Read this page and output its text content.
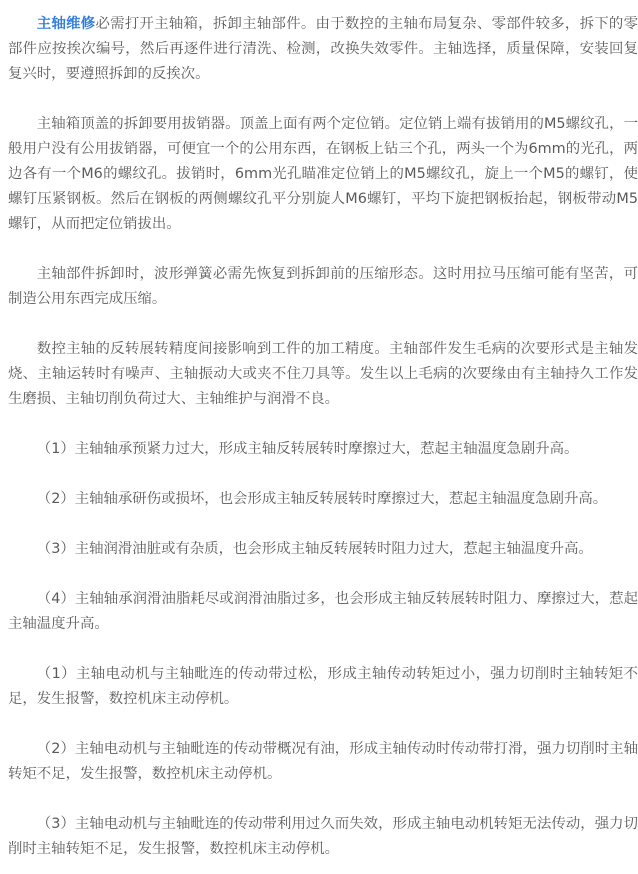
主轴维修必需打开主轴箱，拆卸主轴部件。由于数控的主轴布局复杂、零部件较多，拆下的零部件应按挨次编号，然后再逐件进行清洗、检测，改换失效零件。主轴选择，质量保障，安装回复复兴时，要遵照拆卸的反挨次。

主轴箱顶盖的拆卸要用拔销器。顶盖上面有两个定位销。定位销上端有拔销用的M5螺纹孔，一般用户没有公用拔销器，可便宜一个的公用东西，在钢板上钻三个孔，两头一个为6mm的光孔，两边各有一个M6的螺纹孔。拔销时，6mm光孔瞄准定位销上的M5螺纹孔，旋上一个M5的螺钉，使螺钉压紧钢板。然后在钢板的两侧螺纹孔平分别旋人M6螺钉，平均下旋把钢板抬起，钢板带动M5螺钉，从而把定位销拔出。

主轴部件拆卸时，波形弹簧必需先恢复到拆卸前的压缩形态。这时用拉马压缩可能有坚苦，可制造公用东西完成压缩。

数控主轴的反转展转精度间接影响到工件的加工精度。主轴部件发生毛病的次要形式是主轴发烧、主轴运转时有噪声、主轴振动大或夹不住刀具等。发生以上毛病的次要缘由有主轴持久工作发生磨损、主轴切削负荷过大、主轴维护与润滑不良。

（1）主轴轴承预紧力过大，形成主轴反转展转时摩擦过大，惹起主轴温度急剧升高。

（2）主轴轴承研伤或损坏，也会形成主轴反转展转时摩擦过大，惹起主轴温度急剧升高。

（3）主轴润滑油脏或有杂质，也会形成主轴反转展转时阻力过大，惹起主轴温度升高。

（4）主轴轴承润滑油脂耗尽或润滑油脂过多，也会形成主轴反转展转时阻力、摩擦过大，惹起主轴温度升高。

（1）主轴电动机与主轴毗连的传动带过松，形成主轴传动转矩过小，强力切削时主轴转矩不足，发生报警，数控机床主动停机。

（2）主轴电动机与主轴毗连的传动带概况有油，形成主轴传动时传动带打滑，强力切削时主轴转矩不足，发生报警，数控机床主动停机。

（3）主轴电动机与主轴毗连的传动带利用过久而失效，形成主轴电动机转矩无法传动，强力切削时主轴转矩不足，发生报警，数控机床主动停机。
